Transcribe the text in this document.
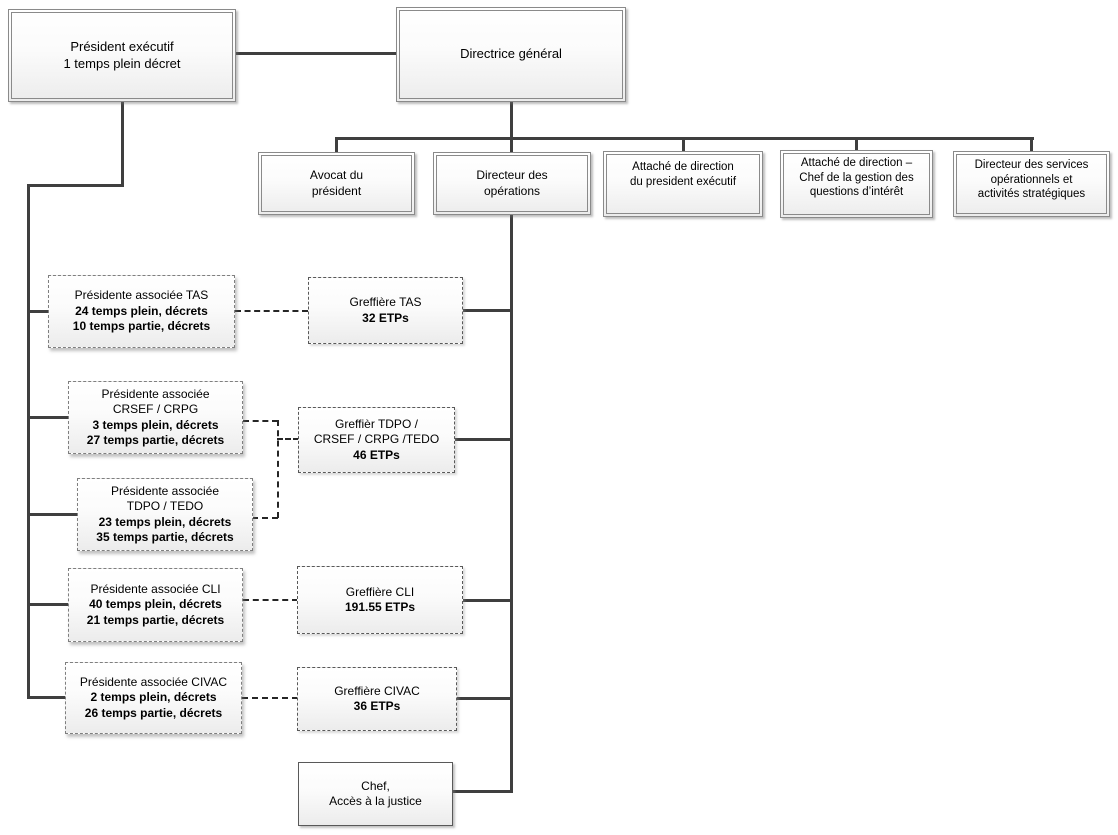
Président exécutif
1 temps plein décret
Directrice général
Avocat du
président
Directeur des
opérations
Attaché de direction
du president exécutif
Attaché de direction –
Chef de la gestion des
questions d’intérêt
Directeur des services
opérationnels et
activités stratégiques
Présidente associée TAS
24 temps plein, décrets
10 temps partie, décrets
Présidente associée
CRSEF / CRPG
3 temps plein, décrets
27 temps partie, décrets
Présidente associée
TDPO / TEDO
23 temps plein, décrets
35 temps partie, décrets
Présidente associée CLI
40 temps plein, décrets
21 temps partie, décrets
Présidente associée CIVAC
2 temps plein, décrets
26 temps partie, décrets
Greffière TAS
32 ETPs
Greffièr TDPO /
CRSEF / CRPG /TEDO
46 ETPs
Greffière CLI
191.55 ETPs
Greffière CIVAC
36 ETPs
Chef,
Accès à la justice
